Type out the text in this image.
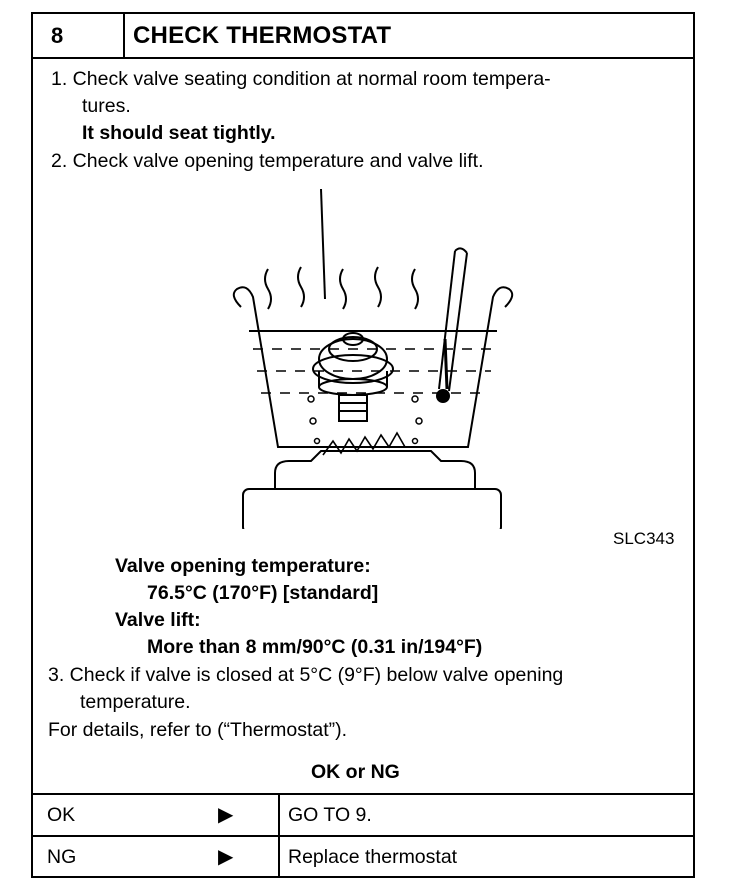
8	CHECK THERMOSTAT
1. Check valve seating condition at normal room tempera-
tures.
It should seat tightly.
2. Check valve opening temperature and valve lift.
SLC343
Valve opening temperature:
76.5°C (170°F) [standard]
Valve lift:
More than 8 mm/90°C (0.31 in/194°F)
3. Check if valve is closed at 5°C (9°F) below valve opening
temperature.
For details, refer to (“Thermostat”).
OK or NG
OK	▶	GO TO 9.
NG	▶	Replace thermostat
